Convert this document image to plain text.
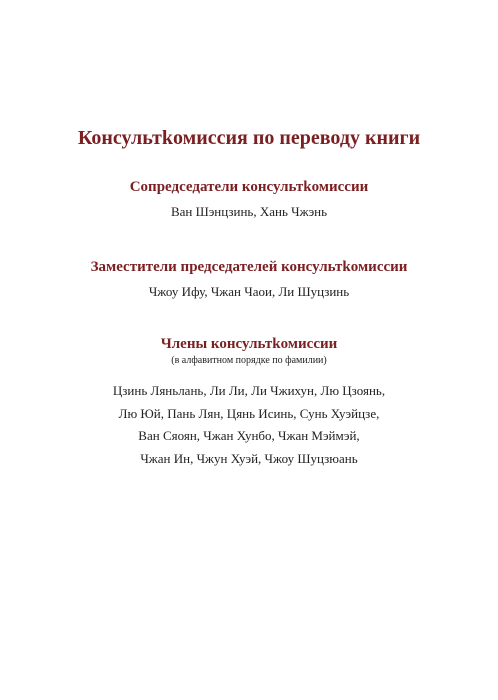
Консультkомиссия по переводу книги
Сопредседатели консультkомиссии

Ван Шэнцзинь, Хань Чжэнь

Заместители председателей консультkомиссии

Чжоу Ифу, Чжан Чаои, Ли Шуцзинь

Члены консультkомиссии

(в алфавитном порядке по фамилии)

Цзинь Ляньлань, Ли Ли, Ли Чжихун, Лю Цзоянь,
Лю Юй, Пань Лян, Цянь Исинь, Сунь Хуэйцзе,
Ван Сяоян, Чжан Хунбо, Чжан Мэймэй,
Чжан Ин, Чжун Хуэй, Чжоу Шуцзюань
